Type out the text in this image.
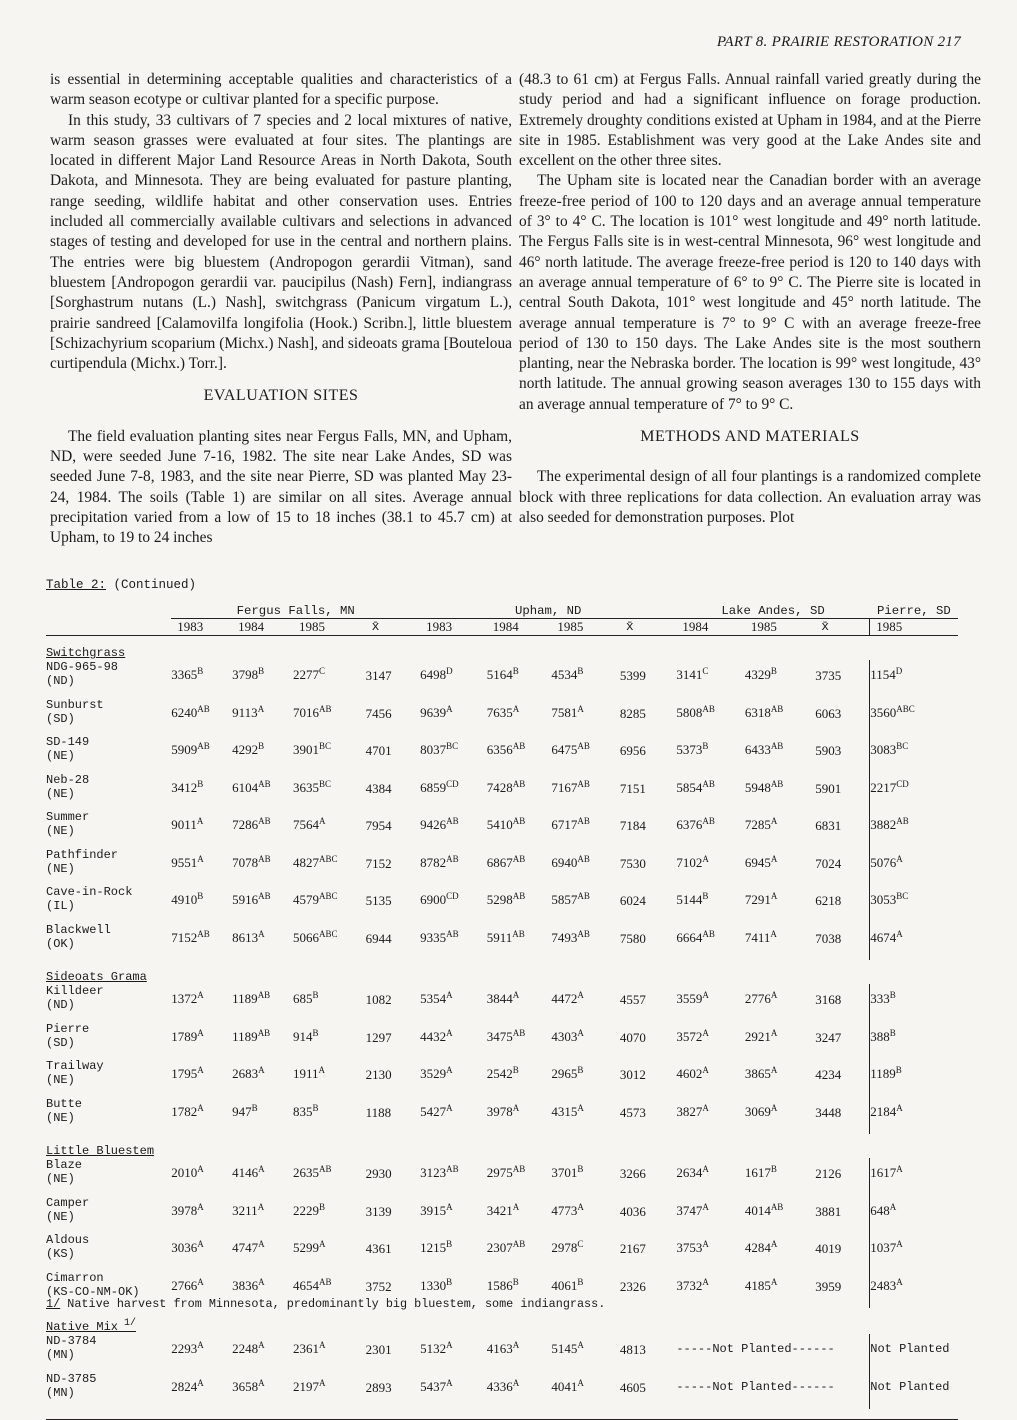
PART 8. PRAIRIE RESTORATION 217

is essential in determining acceptable qualities and characteristics of a warm season ecotype or cultivar planted for a specific purpose.

In this study, 33 cultivars of 7 species and 2 local mixtures of native, warm season grasses were evaluated at four sites. The plantings are located in different Major Land Resource Areas in North Dakota, South Dakota, and Minnesota. They are being evaluated for pasture planting, range seeding, wildlife habitat and other conservation uses. Entries included all commercially available cultivars and selections in advanced stages of testing and developed for use in the central and northern plains. The entries were big bluestem (Andropogon gerardii Vitman), sand bluestem [Andropogon gerardii var. paucipilus (Nash) Fern], indiangrass [Sorghastrum nutans (L.) Nash], switchgrass (Panicum virgatum L.), prairie sandreed [Calamovilfa longifolia (Hook.) Scribn.], little bluestem [Schizachyrium scoparium (Michx.) Nash], and sideoats grama [Bouteloua curtipendula (Michx.) Torr.].

EVALUATION SITES

The field evaluation planting sites near Fergus Falls, MN, and Upham, ND, were seeded June 7-16, 1982. The site near Lake Andes, SD was seeded June 7-8, 1983, and the site near Pierre, SD was planted May 23-24, 1984. The soils (Table 1) are similar on all sites. Average annual precipitation varied from a low of 15 to 18 inches (38.1 to 45.7 cm) at Upham, to 19 to 24 inches

(48.3 to 61 cm) at Fergus Falls. Annual rainfall varied greatly during the study period and had a significant influence on forage production. Extremely droughty conditions existed at Upham in 1984, and at the Pierre site in 1985. Establishment was very good at the Lake Andes site and excellent on the other three sites.

The Upham site is located near the Canadian border with an average freeze-free period of 100 to 120 days and an average annual temperature of 3° to 4° C. The location is 101° west longitude and 49° north latitude. The Fergus Falls site is in west-central Minnesota, 96° west longitude and 46° north latitude. The average freeze-free period is 120 to 140 days with an average annual temperature of 6° to 9° C. The Pierre site is located in central South Dakota, 101° west longitude and 45° north latitude. The average annual temperature is 7° to 9° C with an average freeze-free period of 130 to 150 days. The Lake Andes site is the most southern planting, near the Nebraska border. The location is 99° west longitude, 43° north latitude. The annual growing season averages 130 to 155 days with an average annual temperature of 7° to 9° C.

METHODS AND MATERIALS

The experimental design of all four plantings is a randomized complete block with three replications for data collection. An evaluation array was also seeded for demonstration purposes. Plot

Table 2: (Continued)
	Fergus Falls, MN				Upham, ND				Lake Andes, SD			Pierre, SD
	1983	1984	1985	x̄	1983	1984	1985	x̄	1984	1985	x̄	1985
Switchgrass												

NDG-965-98
(ND)	$3365^B$	$3798^B$	$2277^C$	3147	$6498^D$	$5164^B$	$4534^B$	5399	$3141^C$	$4329^B$	3735	$1154^D$

Sunburst
(SD)	$6240^{AB}$	$9113^A$	$7016^{AB}$	7456	$9639^A$	$7635^A$	$7581^A$	8285	$5808^{AB}$	$6318^{AB}$	6063	$3560^{ABC}$

SD-149
(NE)	$5909^{AB}$	$4292^B$	$3901^{BC}$	4701	$8037^{BC}$	$6356^{AB}$	$6475^{AB}$	6956	$5373^B$	$6433^{AB}$	5903	$3083^{BC}$

Neb-28
(NE)	$3412^B$	$6104^{AB}$	$3635^{BC}$	4384	$6859^{CD}$	$7428^{AB}$	$7167^{AB}$	7151	$5854^{AB}$	$5948^{AB}$	5901	$2217^{CD}$

Summer
(NE)	$9011^A$	$7286^{AB}$	$7564^A$	7954	$9426^{AB}$	$5410^{AB}$	$6717^{AB}$	7184	$6376^{AB}$	$7285^A$	6831	$3882^{AB}$

Pathfinder
(NE)	$9551^A$	$7078^{AB}$	$4827^{ABC}$	7152	$8782^{AB}$	$6867^{AB}$	$6940^{AB}$	7530	$7102^A$	$6945^A$	7024	$5076^A$

Cave-in-Rock
(IL)	$4910^B$	$5916^{AB}$	$4579^{ABC}$	5135	$6900^{CD}$	$5298^{AB}$	$5857^{AB}$	6024	$5144^B$	$7291^A$	6218	$3053^{BC}$

Blackwell
(OK)	$7152^{AB}$	$8613^A$	$5066^{ABC}$	6944	$9335^{AB}$	$5911^{AB}$	$7493^{AB}$	7580	$6664^{AB}$	$7411^A$	7038	$4674^A$
Sideoats Grama												

Killdeer
(ND)	$1372^A$	$1189^{AB}$	$685^B$	1082	$5354^A$	$3844^A$	$4472^A$	4557	$3559^A$	$2776^A$	3168	$333^B$

Pierre
(SD)	$1789^A$	$1189^{AB}$	$914^B$	1297	$4432^A$	$3475^{AB}$	$4303^A$	4070	$3572^A$	$2921^A$	3247	$388^B$

Trailway
(NE)	$1795^A$	$2683^A$	$1911^A$	2130	$3529^A$	$2542^B$	$2965^B$	3012	$4602^A$	$3865^A$	4234	$1189^B$

Butte
(NE)	$1782^A$	$947^B$	$835^B$	1188	$5427^A$	$3978^A$	$4315^A$	4573	$3827^A$	$3069^A$	3448	$2184^A$
Little Bluestem												

Blaze
(NE)	$2010^A$	$4146^A$	$2635^{AB}$	2930	$3123^{AB}$	$2975^{AB}$	$3701^B$	3266	$2634^A$	$1617^B$	2126	$1617^A$

Camper
(NE)	$3978^A$	$3211^A$	$2229^B$	3139	$3915^A$	$3421^A$	$4773^A$	4036	$3747^A$	$4014^{AB}$	3881	$648^A$

Aldous
(KS)	$3036^A$	$4747^A$	$5299^A$	4361	$1215^B$	$2307^{AB}$	$2978^C$	2167	$3753^A$	$4284^A$	4019	$1037^A$

Cimarron
(KS-CO-NM-OK)	$2766^A$	$3836^A$	$4654^{AB}$	3752	$1330^B$	$1586^B$	$4061^B$	2326	$3732^A$	$4185^A$	3959	$2483^A$
Native Mix $^{1/}$

ND-3784
(MN)	$2293^A$	$2248^A$	$2361^A$	2301	$5132^A$	$4163^A$	$5145^A$	4813	-----Not Planted------			Not Planted

ND-3785
(MN)	$2824^A$	$3658^A$	$2197^A$	2893	$5437^A$	$4336^A$	$4041^A$	4605	-----Not Planted------			Not Planted

1/ Native harvest from Minnesota, predominantly big bluestem, some indiangrass.
